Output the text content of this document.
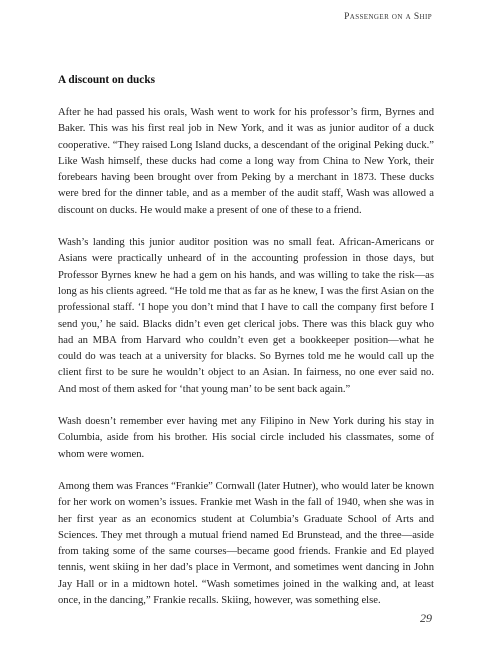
Passenger on a Ship
A discount on ducks

After he had passed his orals, Wash went to work for his professor’s firm, Byrnes and Baker. This was his first real job in New York, and it was as junior auditor of a duck cooperative. “They raised Long Island ducks, a descendant of the original Peking duck.” Like Wash himself, these ducks had come a long way from China to New York, their forebears having been brought over from Peking by a merchant in 1873. These ducks were bred for the dinner table, and as a member of the audit staff, Wash was allowed a discount on ducks. He would make a present of one of these to a friend.

Wash’s landing this junior auditor position was no small feat. African-Americans or Asians were practically unheard of in the accounting profession in those days, but Professor Byrnes knew he had a gem on his hands, and was willing to take the risk—as long as his clients agreed. “He told me that as far as he knew, I was the first Asian on the professional staff. ‘I hope you don’t mind that I have to call the company first before I send you,’ he said. Blacks didn’t even get clerical jobs. There was this black guy who had an MBA from Harvard who couldn’t even get a bookkeeper position—what he could do was teach at a university for blacks. So Byrnes told me he would call up the client first to be sure he wouldn’t object to an Asian. In fairness, no one ever said no. And most of them asked for ‘that young man’ to be sent back again.”

Wash doesn’t remember ever having met any Filipino in New York during his stay in Columbia, aside from his brother. His social circle included his classmates, some of whom were women.

Among them was Frances “Frankie” Cornwall (later Hutner), who would later be known for her work on women’s issues. Frankie met Wash in the fall of 1940, when she was in her first year as an economics student at Columbia’s Graduate School of Arts and Sciences. They met through a mutual friend named Ed Brunstead, and the three—aside from taking some of the same courses—became good friends. Frankie and Ed played tennis, went skiing in her dad’s place in Vermont, and sometimes went dancing in John Jay Hall or in a midtown hotel. “Wash sometimes joined in the walking and, at least once, in the dancing,” Frankie recalls. Skiing, however, was something else.

29
